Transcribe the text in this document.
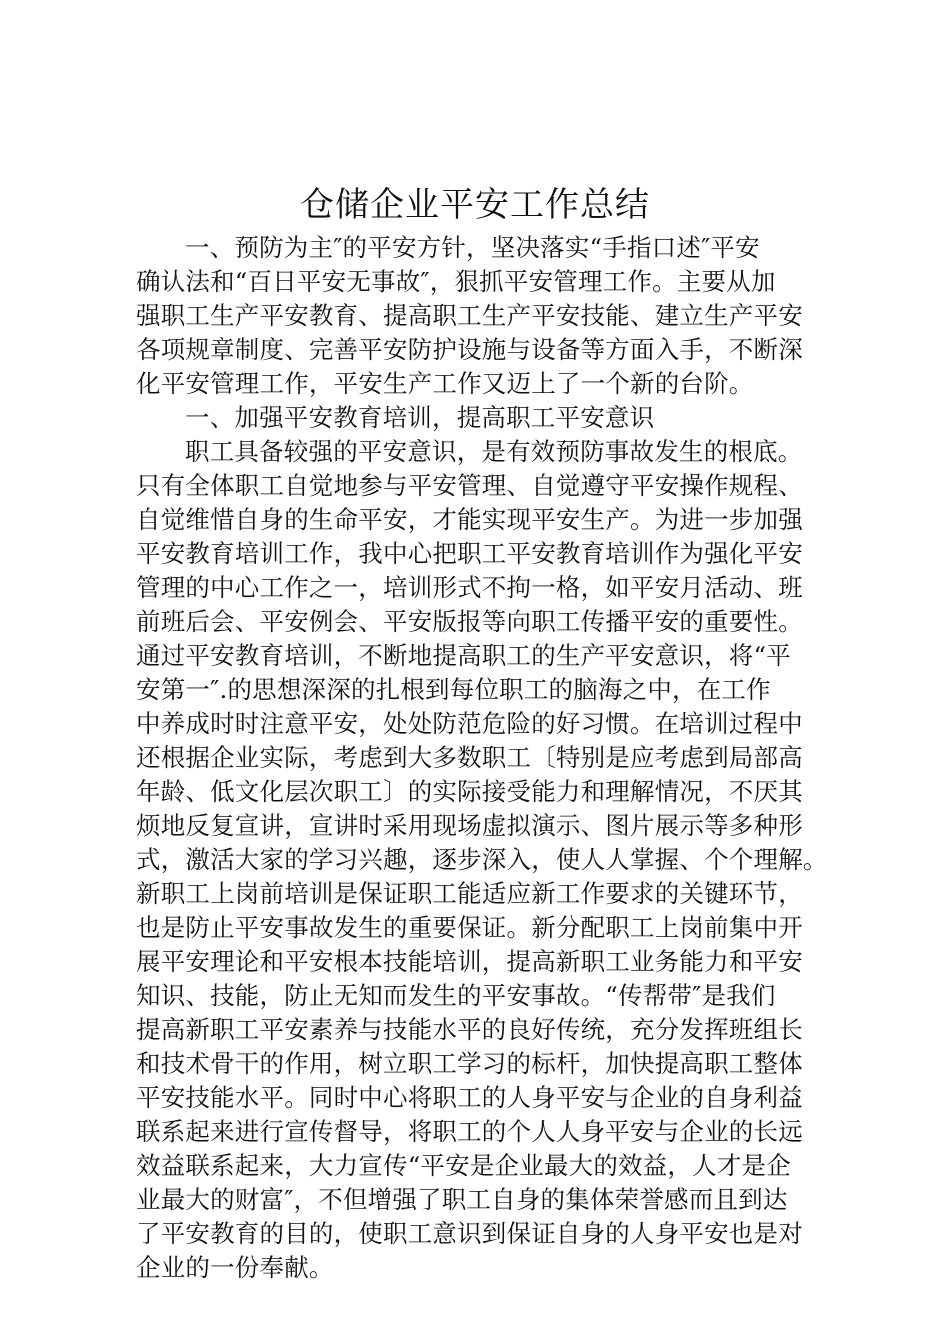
仓储企业平安工作总结
一、预防为主″的平安方针，坚决落实“手指口述″平安
确认法和“百日平安无事故″，狠抓平安管理工作。主要从加
强职工生产平安教育、提高职工生产平安技能、建立生产平安
各项规章制度、完善平安防护设施与设备等方面入手，不断深
化平安管理工作，平安生产工作又迈上了一个新的台阶。
一、加强平安教育培训，提高职工平安意识
职工具备较强的平安意识，是有效预防事故发生的根底。
只有全体职工自觉地参与平安管理、自觉遵守平安操作规程、
自觉维惜自身的生命平安，才能实现平安生产。为进一步加强
平安教育培训工作，我中心把职工平安教育培训作为强化平安
管理的中心工作之一，培训形式不拘一格，如平安月活动、班
前班后会、平安例会、平安版报等向职工传播平安的重要性。
通过平安教育培训，不断地提高职工的生产平安意识，将“平
安第一″.的思想深深的扎根到每位职工的脑海之中，在工作
中养成时时注意平安，处处防范危险的好习惯。在培训过程中
还根据企业实际，考虑到大多数职工〔特别是应考虑到局部高
年龄、低文化层次职工〕的实际接受能力和理解情况，不厌其
烦地反复宣讲，宣讲时采用现场虚拟演示、图片展示等多种形
式，激活大家的学习兴趣，逐步深入，使人人掌握、个个理解。
新职工上岗前培训是保证职工能适应新工作要求的关键环节，
也是防止平安事故发生的重要保证。新分配职工上岗前集中开
展平安理论和平安根本技能培训，提高新职工业务能力和平安
知识、技能，防止无知而发生的平安事故。“传帮带″是我们
提高新职工平安素养与技能水平的良好传统，充分发挥班组长
和技术骨干的作用，树立职工学习的标杆，加快提高职工整体
平安技能水平。同时中心将职工的人身平安与企业的自身利益
联系起来进行宣传督导，将职工的个人人身平安与企业的长远
效益联系起来，大力宣传“平安是企业最大的效益，人才是企
业最大的财富″，不但增强了职工自身的集体荣誉感而且到达
了平安教育的目的，使职工意识到保证自身的人身平安也是对
企业的一份奉献。
